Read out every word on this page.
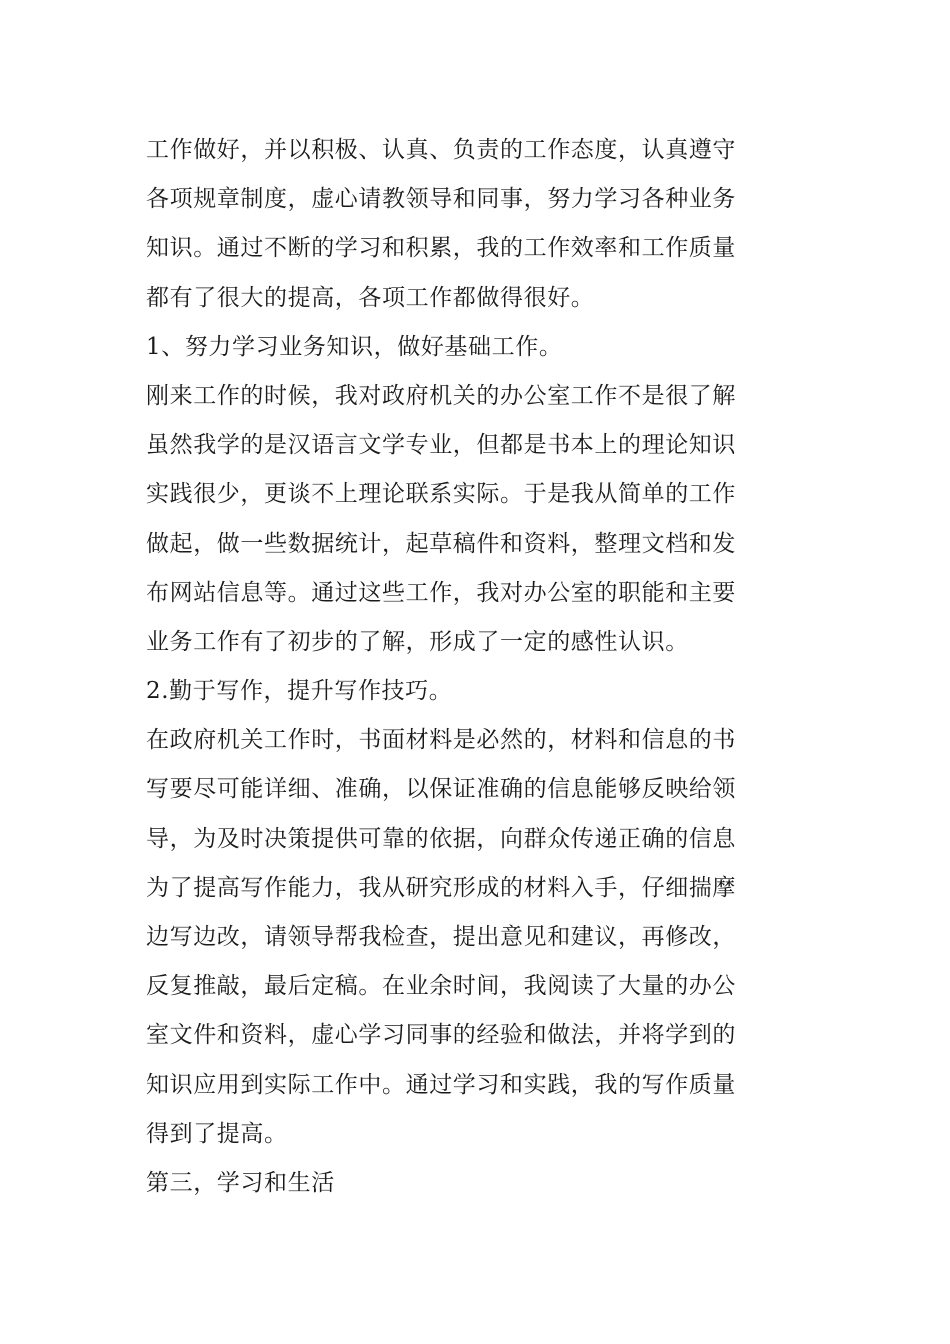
工作做好，并以积极、认真、负责的工作态度，认真遵守
各项规章制度，虚心请教领导和同事，努力学习各种业务
知识。通过不断的学习和积累，我的工作效率和工作质量
都有了很大的提高，各项工作都做得很好。
1、努力学习业务知识，做好基础工作。
刚来工作的时候，我对政府机关的办公室工作不是很了解
虽然我学的是汉语言文学专业，但都是书本上的理论知识
实践很少，更谈不上理论联系实际。于是我从简单的工作
做起，做一些数据统计，起草稿件和资料，整理文档和发
布网站信息等。通过这些工作，我对办公室的职能和主要
业务工作有了初步的了解，形成了一定的感性认识。
2.勤于写作，提升写作技巧。
在政府机关工作时，书面材料是必然的，材料和信息的书
写要尽可能详细、准确，以保证准确的信息能够反映给领
导，为及时决策提供可靠的依据，向群众传递正确的信息
为了提高写作能力，我从研究形成的材料入手，仔细揣摩
边写边改，请领导帮我检查，提出意见和建议，再修改，
反复推敲，最后定稿。在业余时间，我阅读了大量的办公
室文件和资料，虚心学习同事的经验和做法，并将学到的
知识应用到实际工作中。通过学习和实践，我的写作质量
得到了提高。
第三，学习和生活
